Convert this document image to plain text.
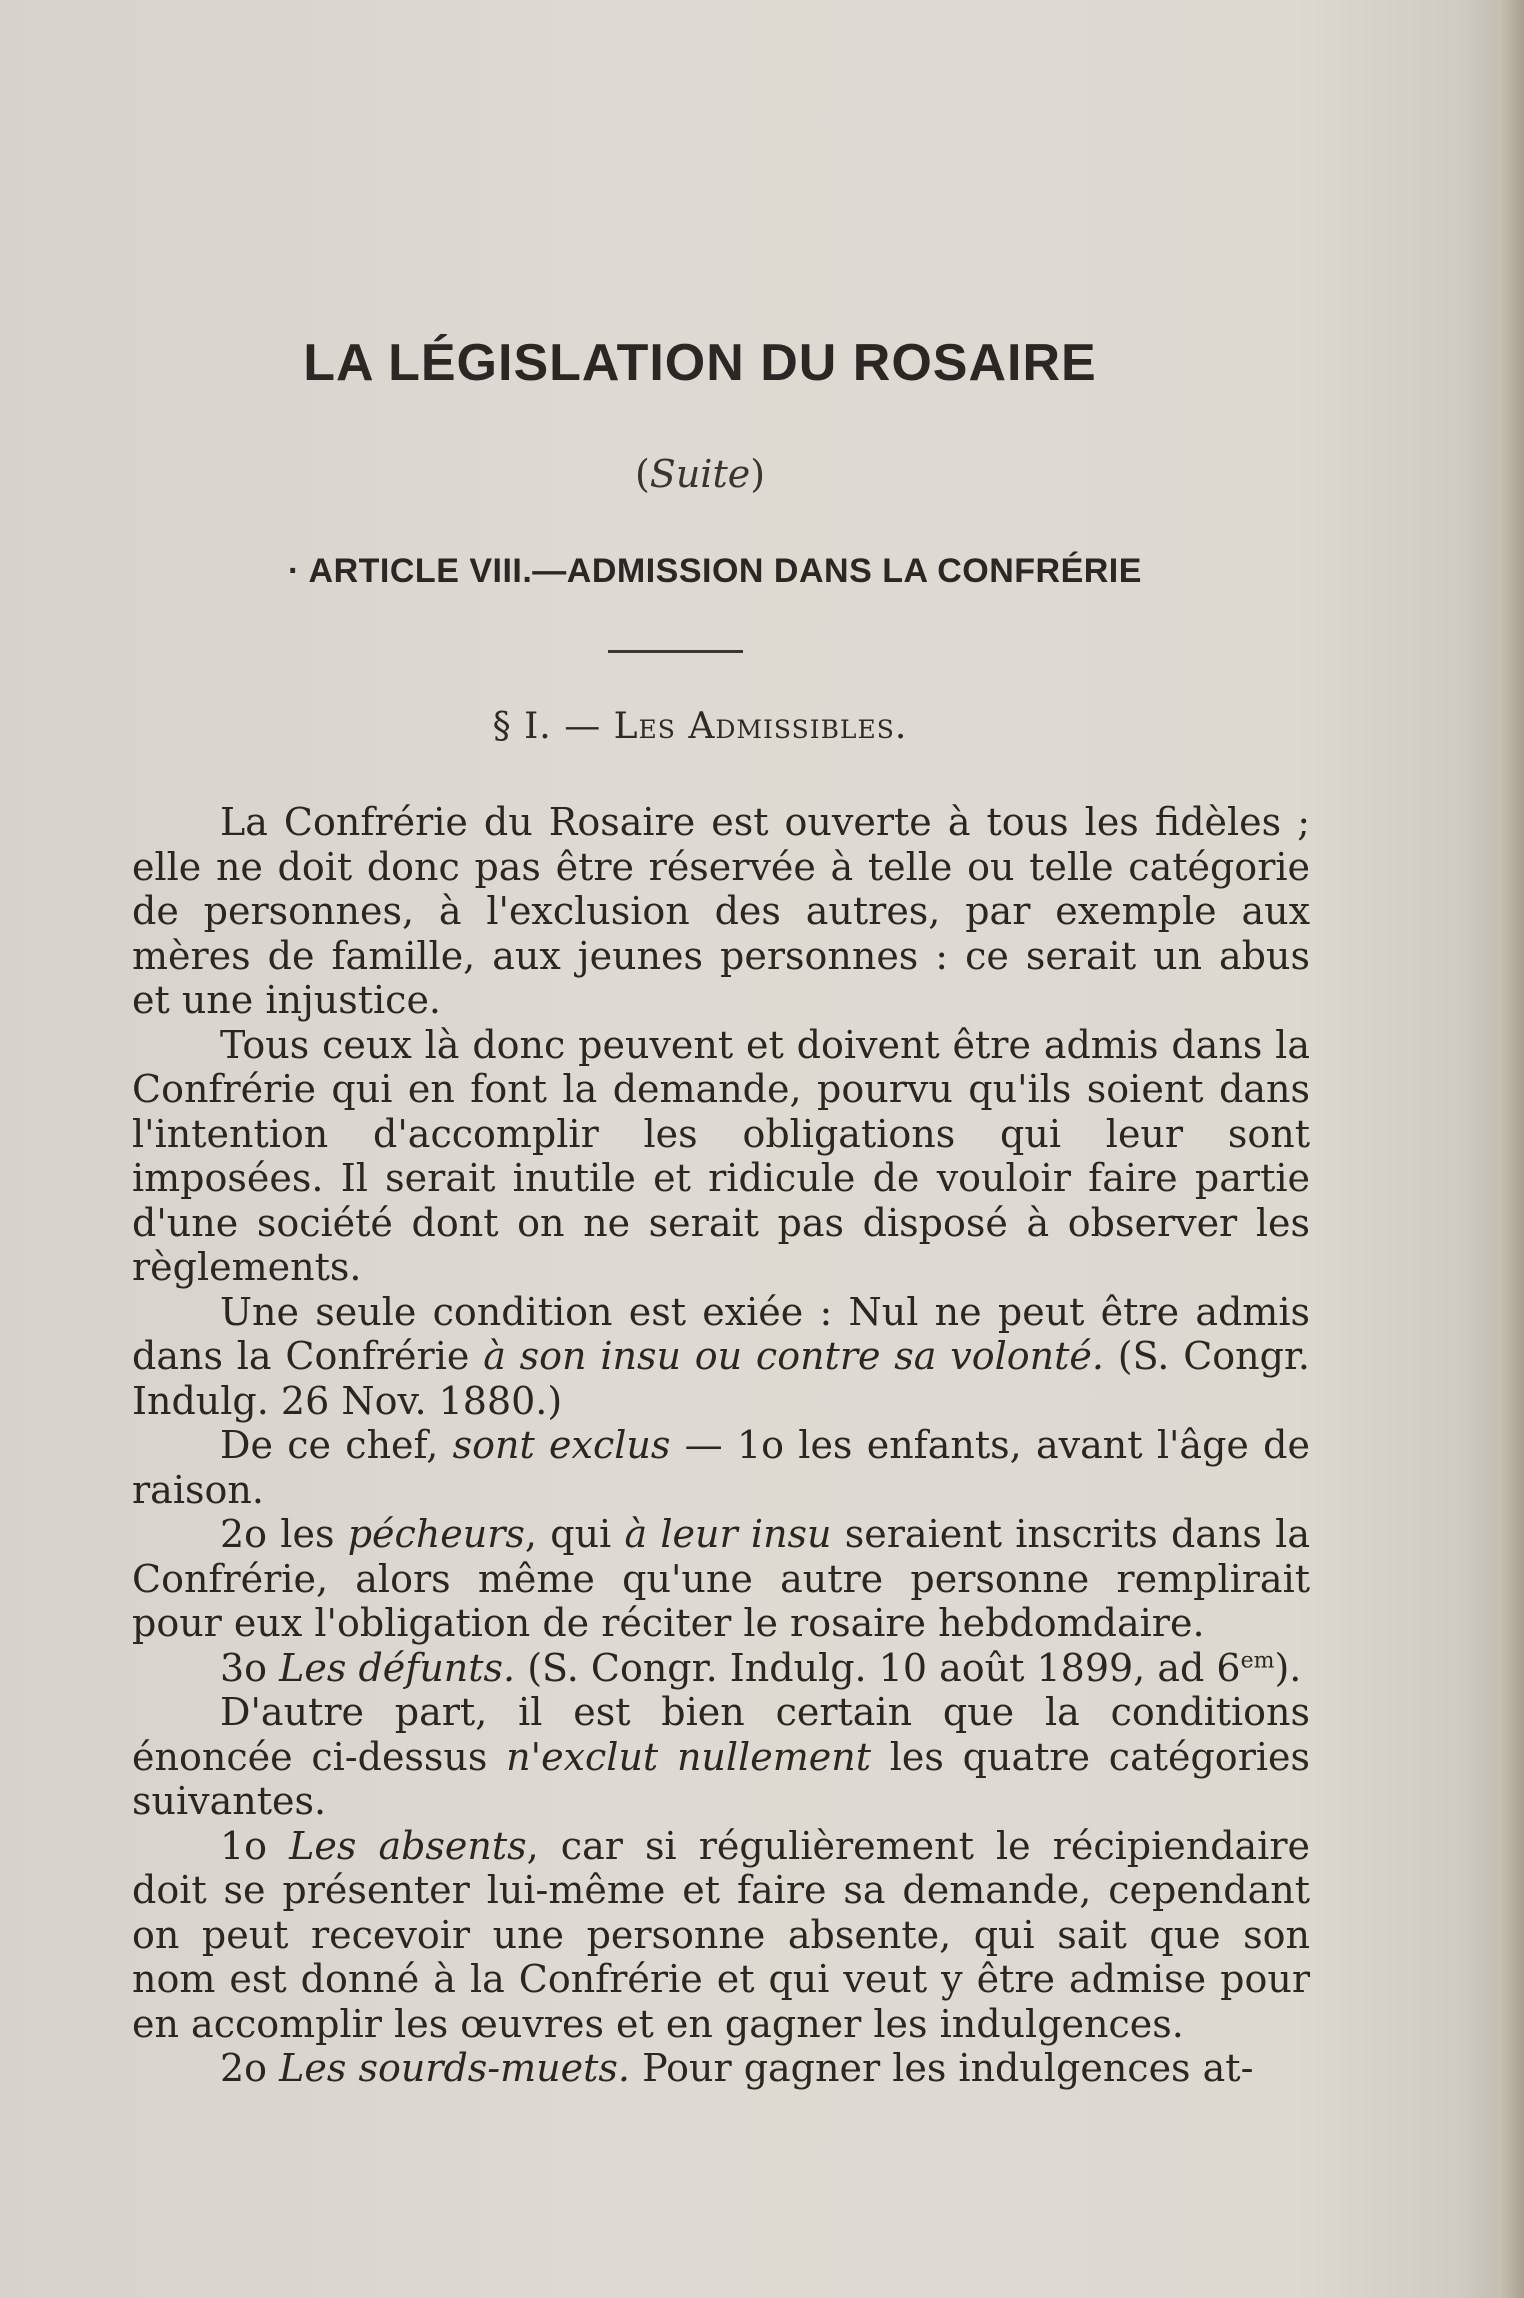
LA LÉGISLATION DU ROSAIRE
(Suite)
· ARTICLE VIII.—ADMISSION DANS LA CONFRÉRIE
§ I. — Les Admissibles.

La Confrérie du Rosaire est ouverte à tous les fidèles ; elle ne doit donc pas être réservée à telle ou telle catégorie de personnes, à l'exclusion des autres, par exemple aux mères de famille, aux jeunes personnes : ce serait un abus et une injustice.

Tous ceux là donc peuvent et doivent être admis dans la Confrérie qui en font la demande, pourvu qu'ils soient dans l'intention d'accomplir les obligations qui leur sont imposées. Il serait inutile et ridicule de vouloir faire partie d'une société dont on ne serait pas disposé à observer les règlements.

Une seule condition est exiée : Nul ne peut être admis dans la Confrérie à son insu ou contre sa volonté. (S. Congr. Indulg. 26 Nov. 1880.)

De ce chef, sont exclus — 1o les enfants, avant l'âge de raison.

2o les pécheurs, qui à leur insu seraient inscrits dans la Confrérie, alors même qu'une autre personne remplirait pour eux l'obligation de réciter le rosaire hebdomdaire.

3o Les défunts. (S. Congr. Indulg. 10 août 1899, ad $6^{em}$).

D'autre part, il est bien certain que la conditions énoncée ci-dessus n'exclut nullement les quatre catégories suivantes.

1o Les absents, car si régulièrement le récipiendaire doit se présenter lui-même et faire sa demande, cependant on peut recevoir une personne absente, qui sait que son nom est donné à la Confrérie et qui veut y être admise pour en accomplir les œuvres et en gagner les indulgences.

2o Les sourds-muets. Pour gagner les indulgences at-
